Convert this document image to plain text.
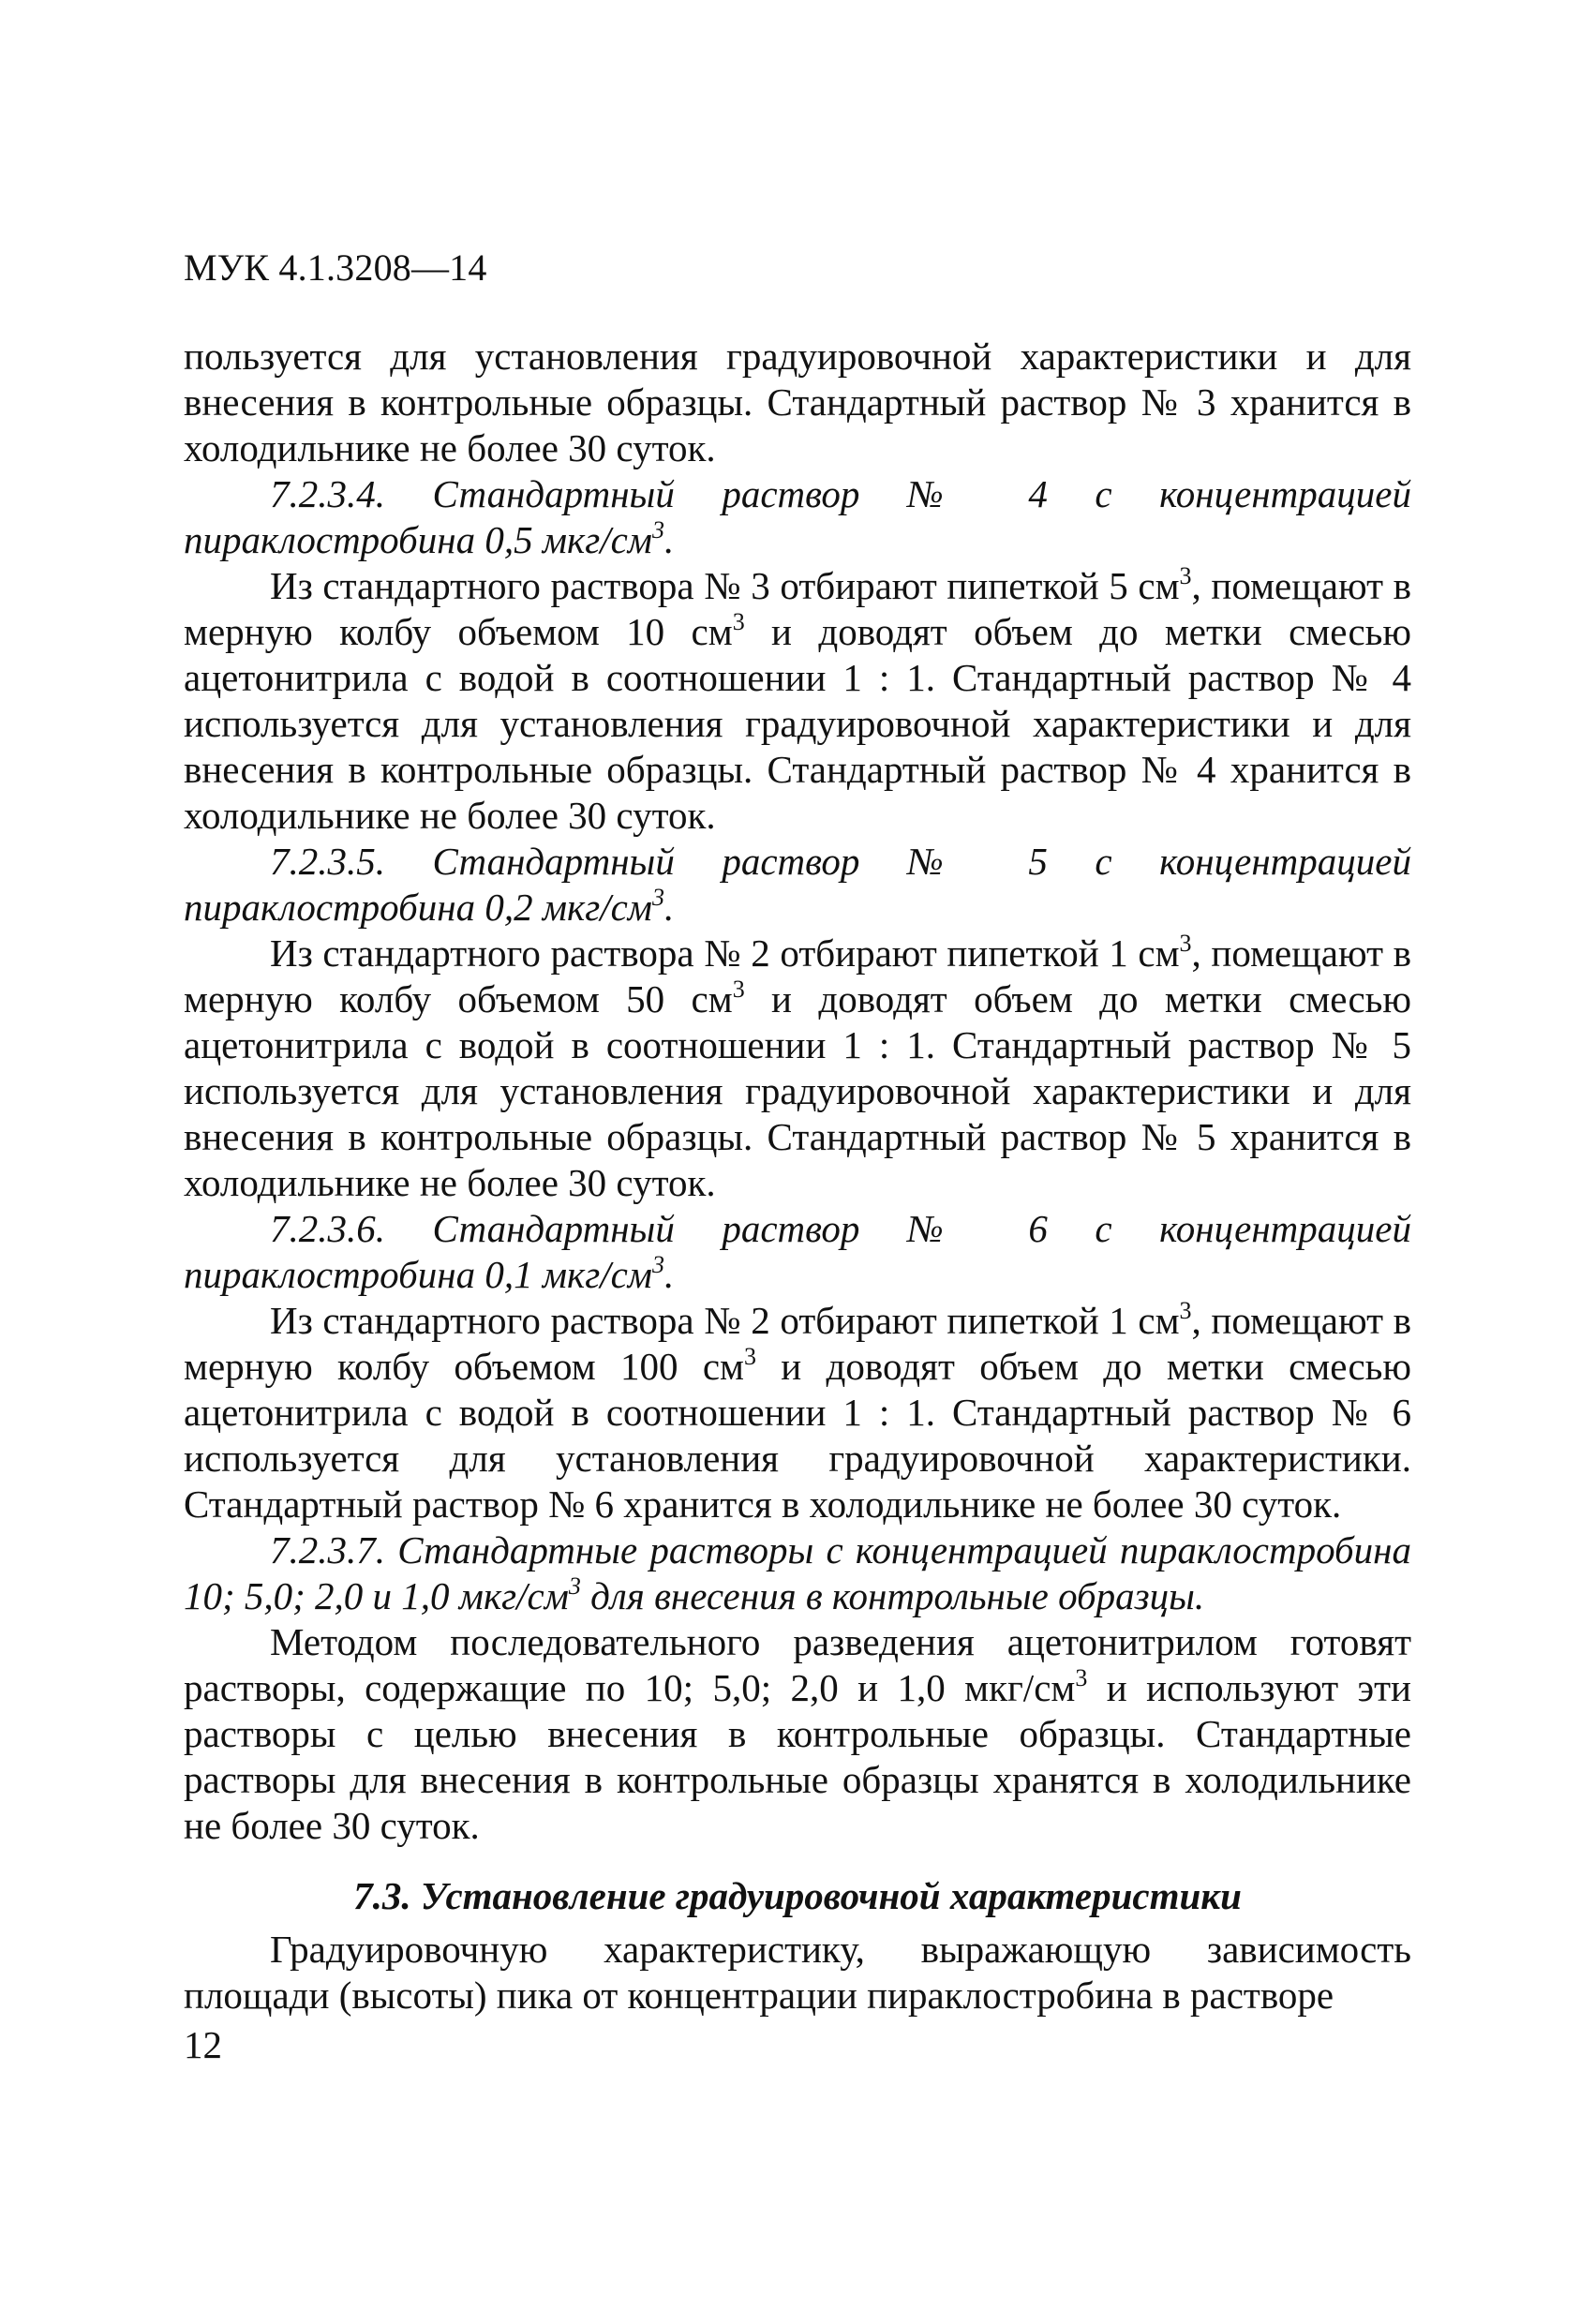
МУК 4.1.3208—14

пользуется для установления градуировочной характеристики и для внесения в контрольные образцы. Стандартный раствор № 3 хранится в холодильнике не более 30 суток.

7.2.3.4. Стандартный раствор № 4 с концентрацией пираклостробина 0,5 мкг/$см^3$.

Из стандартного раствора № 3 отбирают пипеткой 5 $см^3$, помещают в мерную колбу объемом 10 $см^3$ и доводят объем до метки смесью ацетонитрила с водой в соотношении 1 : 1. Стандартный раствор № 4 используется для установления градуировочной характеристики и для внесения в контрольные образцы. Стандартный раствор № 4 хранится в холодильнике не более 30 суток.

7.2.3.5. Стандартный раствор № 5 с концентрацией пираклостробина 0,2 мкг/$см^3$.

Из стандартного раствора № 2 отбирают пипеткой 1 $см^3$, помещают в мерную колбу объемом 50 $см^3$ и доводят объем до метки смесью ацетонитрила с водой в соотношении 1 : 1. Стандартный раствор № 5 используется для установления градуировочной характеристики и для внесения в контрольные образцы. Стандартный раствор № 5 хранится в холодильнике не более 30 суток.

7.2.3.6. Стандартный раствор № 6 с концентрацией пираклостробина 0,1 мкг/$см^3$.

Из стандартного раствора № 2 отбирают пипеткой 1 $см^3$, помещают в мерную колбу объемом 100 $см^3$ и доводят объем до метки смесью ацетонитрила с водой в соотношении 1 : 1. Стандартный раствор № 6 используется для установления градуировочной характеристики. Стандартный раствор № 6 хранится в холодильнике не более 30 суток.

7.2.3.7. Стандартные растворы с концентрацией пираклостробина 10; 5,0; 2,0 и 1,0 мкг/$см^3$ для внесения в контрольные образцы.

Методом последовательного разведения ацетонитрилом готовят растворы, содержащие по 10; 5,0; 2,0 и 1,0 мкг/$см^3$ и используют эти растворы с целью внесения в контрольные образцы. Стандартные растворы для внесения в контрольные образцы хранятся в холодильнике не более 30 суток.

7.3. Установление градуировочной характеристики

Градуировочную характеристику, выражающую зависимость площади (высоты) пика от концентрации пираклостробина в растворе

12
